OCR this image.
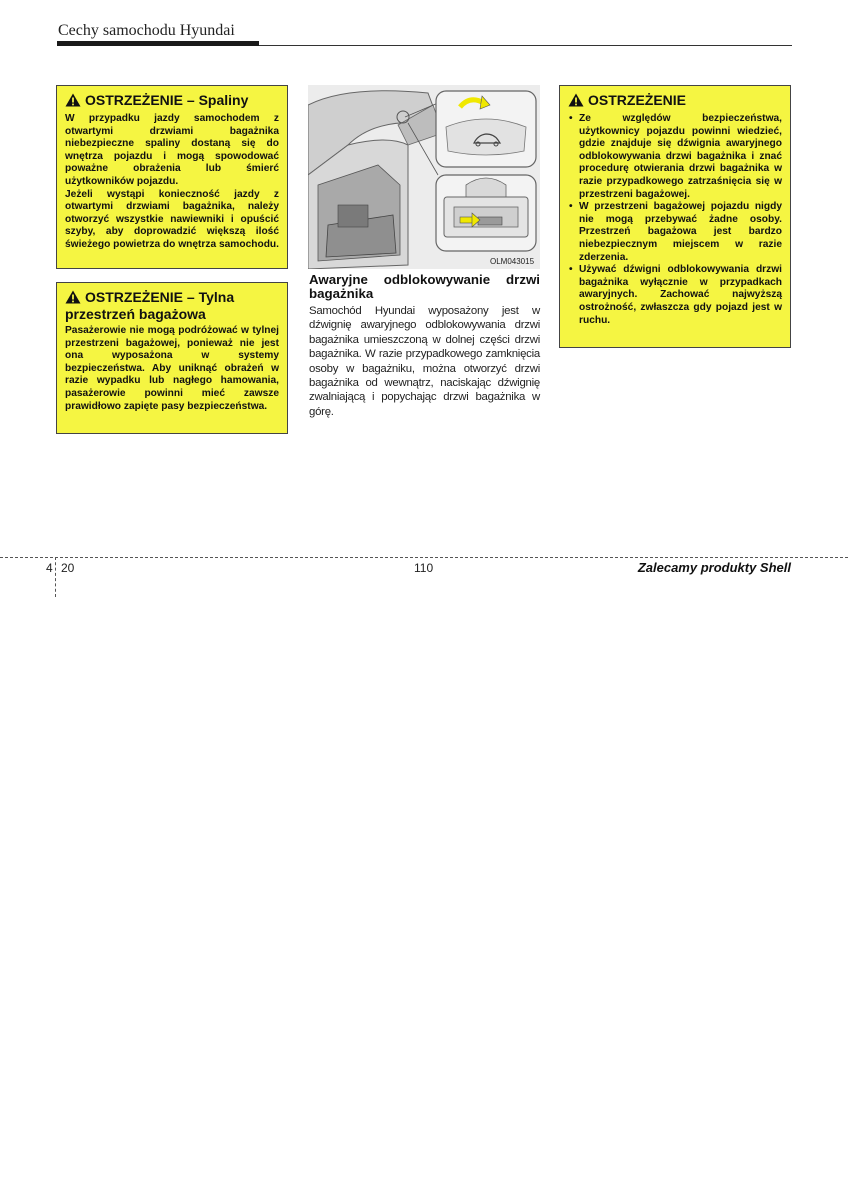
Cechy samochodu Hyundai
OSTRZEŻENIE – Spaliny

W przypadku jazdy samochodem z otwartymi drzwiami bagażnika niebezpieczne spaliny dostaną się do wnętrza pojazdu i mogą spowodować poważne obrażenia lub śmierć użytkowników pojazdu.

Jeżeli wystąpi konieczność jazdy z otwartymi drzwiami bagażnika, należy otworzyć wszystkie nawiewniki i opuścić szyby, aby doprowadzić większą ilość świeżego powietrza do wnętrza samochodu.

OSTRZEŻENIE – Tylna przestrzeń bagażowa

Pasażerowie nie mogą podróżować w tylnej przestrzeni bagażowej, ponieważ nie jest ona wyposażona w systemy bezpieczeństwa. Aby uniknąć obrażeń w razie wypadku lub nagłego hamowania, pasażerowie powinni mieć zawsze prawidłowo zapięte pasy bezpieczeństwa.

OLM043015
Awaryjne odblokowywanie drzwi bagażnika
Samochód Hyundai wyposażony jest w dźwignię awaryjnego odblokowywania drzwi bagażnika umieszczoną w dolnej części drzwi bagażnika. W razie przypadkowego zamknięcia osoby w bagażniku, można otworzyć drzwi bagażnika od wewnątrz, naciskając dźwignię zwalniającą i popychając drzwi bagażnika w górę.
OSTRZEŻENIE
• Ze względów bezpieczeństwa, użytkownicy pojazdu powinni wiedzieć, gdzie znajduje się dźwignia awaryjnego odblokowywania drzwi bagażnika i znać procedurę otwierania drzwi bagażnika w razie przypadkowego zatrzaśnięcia się w przestrzeni bagażowej.
• W przestrzeni bagażowej pojazdu nigdy nie mogą przebywać żadne osoby. Przestrzeń bagażowa jest bardzo niebezpiecznym miejscem w razie zderzenia.
• Używać dźwigni odblokowywania drzwi bagażnika wyłącznie w przypadkach awaryjnych. Zachować najwyższą ostrożność, zwłaszcza gdy pojazd jest w ruchu.
4 20	110	Zalecamy produkty Shell
